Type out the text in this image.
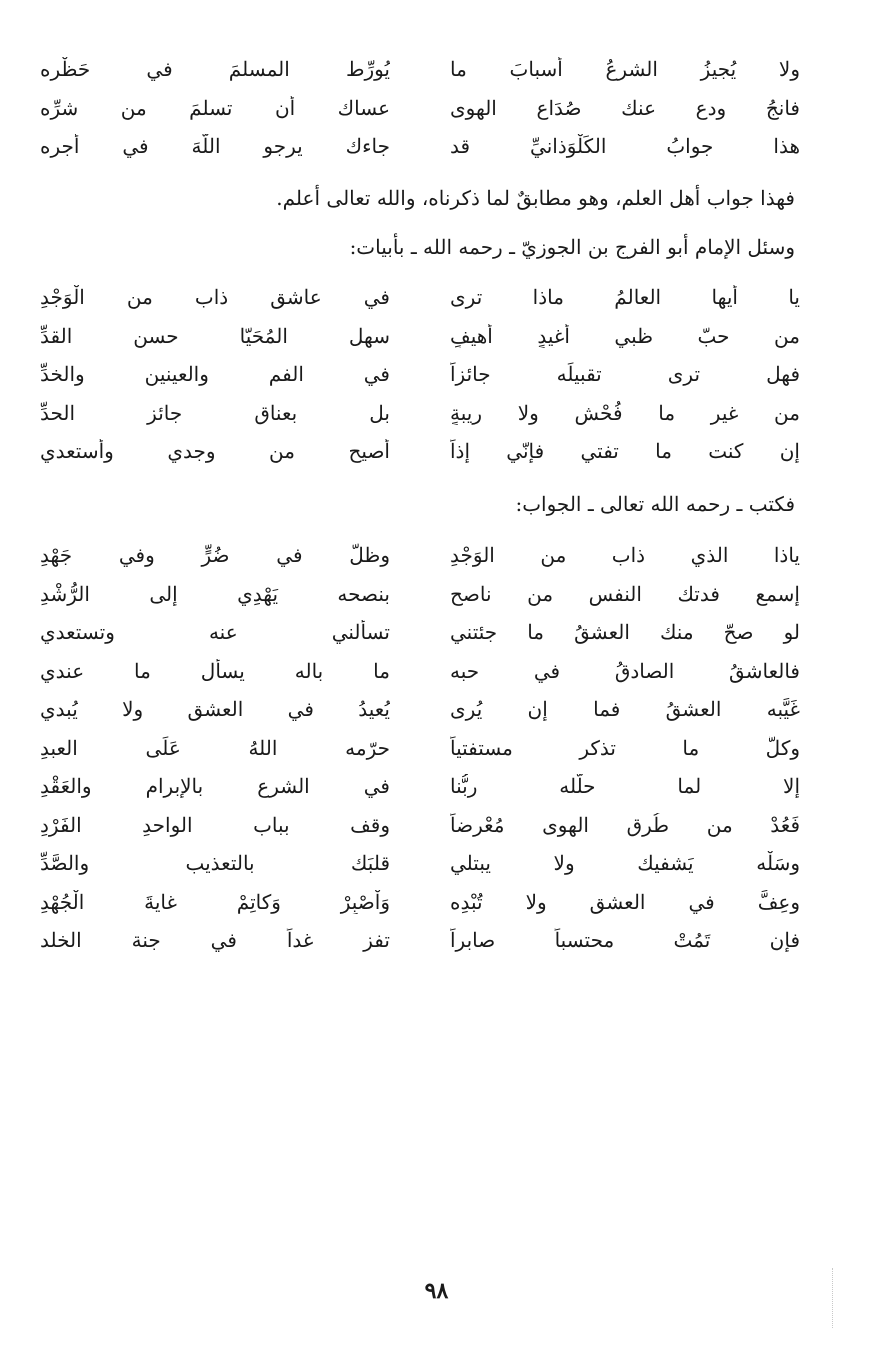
ولا يُجيزُ الشرعُ أسبابَ ما
يُورِّط المسلمَ في حَظْره
فانجُ ودع عنك صُدَاع الهوى
عساك أن تسلمَ من شرِّه
هذا جوابُ الكَلْوَذانيِّ قد
جاءك يرجو اللّهَ في أجره
فهذا جواب أهل العلم، وهو مطابقٌ لما ذكرناه، والله تعالى أعلم.
وسئل الإمام أبو الفرج بن الجوزيّ ـ رحمه الله ـ بأبيات:
يا أيها العالمُ ماذا ترى
في عاشقٍ ذاب من الْوَجْدِ
من حبّ ظبيٍ أغيدٍ أهيفٍ
سهلِ المُحَيّا حسنِ القدِّ
فهل ترى تقبيلَه جائزاً
في الفمِ والعينينِ والخدِّ
من غير ما فُحْشٍ ولا ريبةٍ
بل بعناقٍ جائزِ الحدِّ
إن كنت ما تفتي فإنّي إذاً
أصيح من وجدي وأستعدي
فكتب ـ رحمه الله تعالى ـ الجواب:
ياذا الذي ذاب من الوَجْدِ
وظلّ في ضُرٍّ وفي جَهْدِ
إسمع فدتك النفس من ناصحٍ
بنصحه يَهْدِي إلى الرُّشْدِ
لو صحّ منك العشقُ ما جئتني
تسألني عنه وتستعدي
فالعاشقُ الصادقُ في حبه
ما باله يسأل ما عندي
غَيَّبه العشقُ فما إن يُرى
يُعيدُ في العشقِ ولا يُبدي
وكلُّ ما تذكر مستفتياً
حرّمه اللهُ عَلَى العبدِ
إلا لما حلّله ربُّنا
في الشرع بالإبرام والعَقْدِ
فَعُدْ من طُرقِ الهوى مُعْرِضاً
وقف بباب الواحدِ الفَرْدِ
وسَلْه يَشفيك ولا يبتلي
قلبَك بالتعذيب والصَّدِّ
وعِفَّ في العشقِ ولا تُبْدِه
وَاْصْبِرْ وَكاتِمْ غايةَ الْجُهْدِ
فإن تَمُتْ محتسباً صابراً
تفز غداً في جنة الخلد
٩٨
